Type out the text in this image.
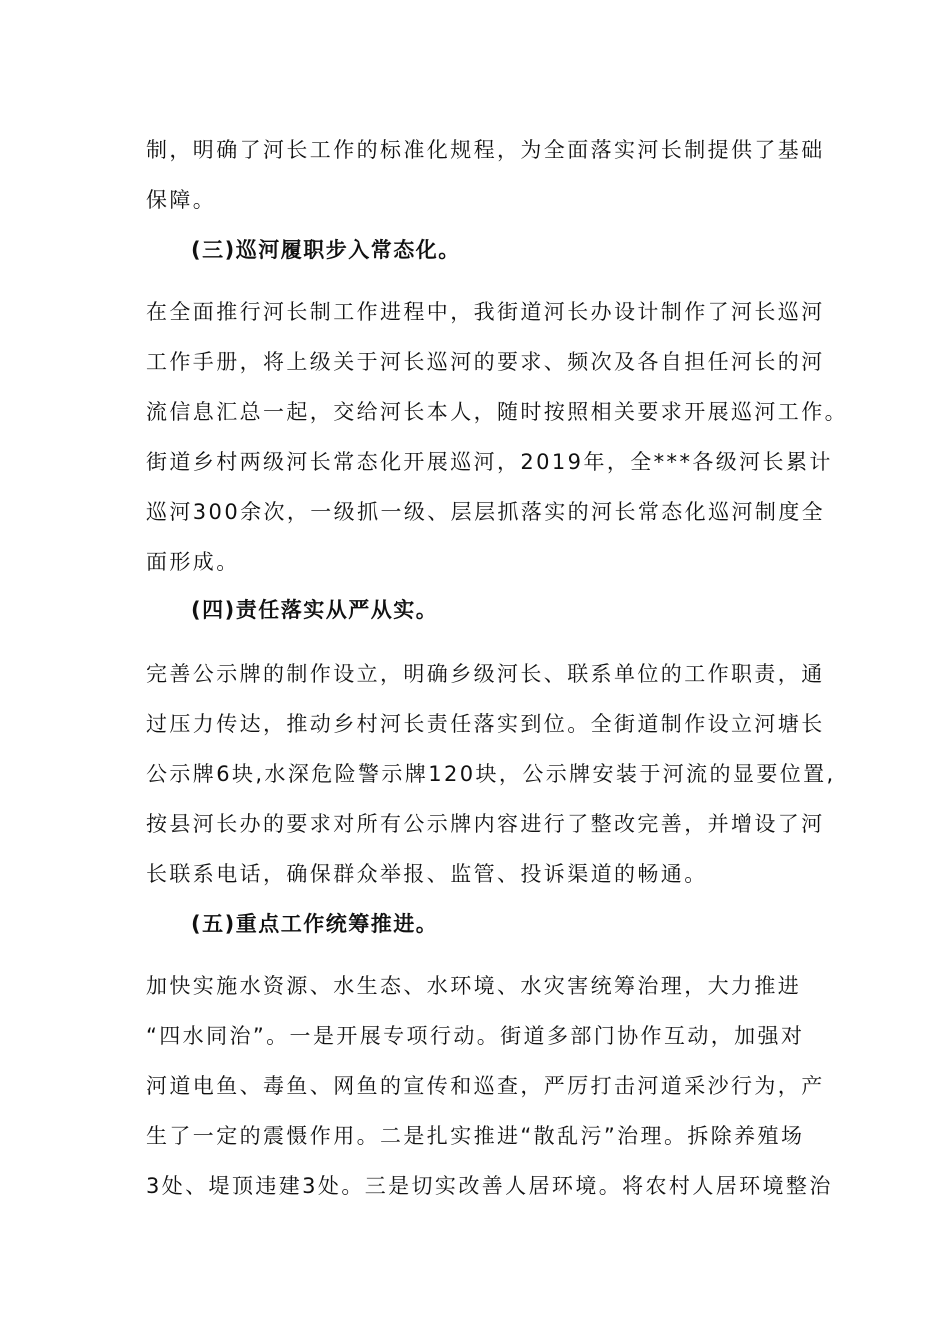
制，明确了河长工作的标准化规程，为全面落实河长制提供了基础
保障。
(三)巡河履职步入常态化。
在全面推行河长制工作进程中，我街道河长办设计制作了河长巡河
工作手册，将上级关于河长巡河的要求、频次及各自担任河长的河
流信息汇总一起，交给河长本人，随时按照相关要求开展巡河工作。
街道乡村两级河长常态化开展巡河，2019年，全***各级河长累计
巡河300余次，一级抓一级、层层抓落实的河长常态化巡河制度全
面形成。
(四)责任落实从严从实。
完善公示牌的制作设立，明确乡级河长、联系单位的工作职责，通
过压力传达，推动乡村河长责任落实到位。全街道制作设立河塘长
公示牌6块,水深危险警示牌120块，公示牌安装于河流的显要位置,
按县河长办的要求对所有公示牌内容进行了整改完善，并增设了河
长联系电话，确保群众举报、监管、投诉渠道的畅通。
(五)重点工作统筹推进。
加快实施水资源、水生态、水环境、水灾害统筹治理，大力推进
“四水同治”。一是开展专项行动。街道多部门协作互动，加强对
河道电鱼、毒鱼、网鱼的宣传和巡查，严厉打击河道采沙行为，产
生了一定的震慑作用。二是扎实推进“散乱污”治理。拆除养殖场
3处、堤顶违建3处。三是切实改善人居环境。将农村人居环境整治
